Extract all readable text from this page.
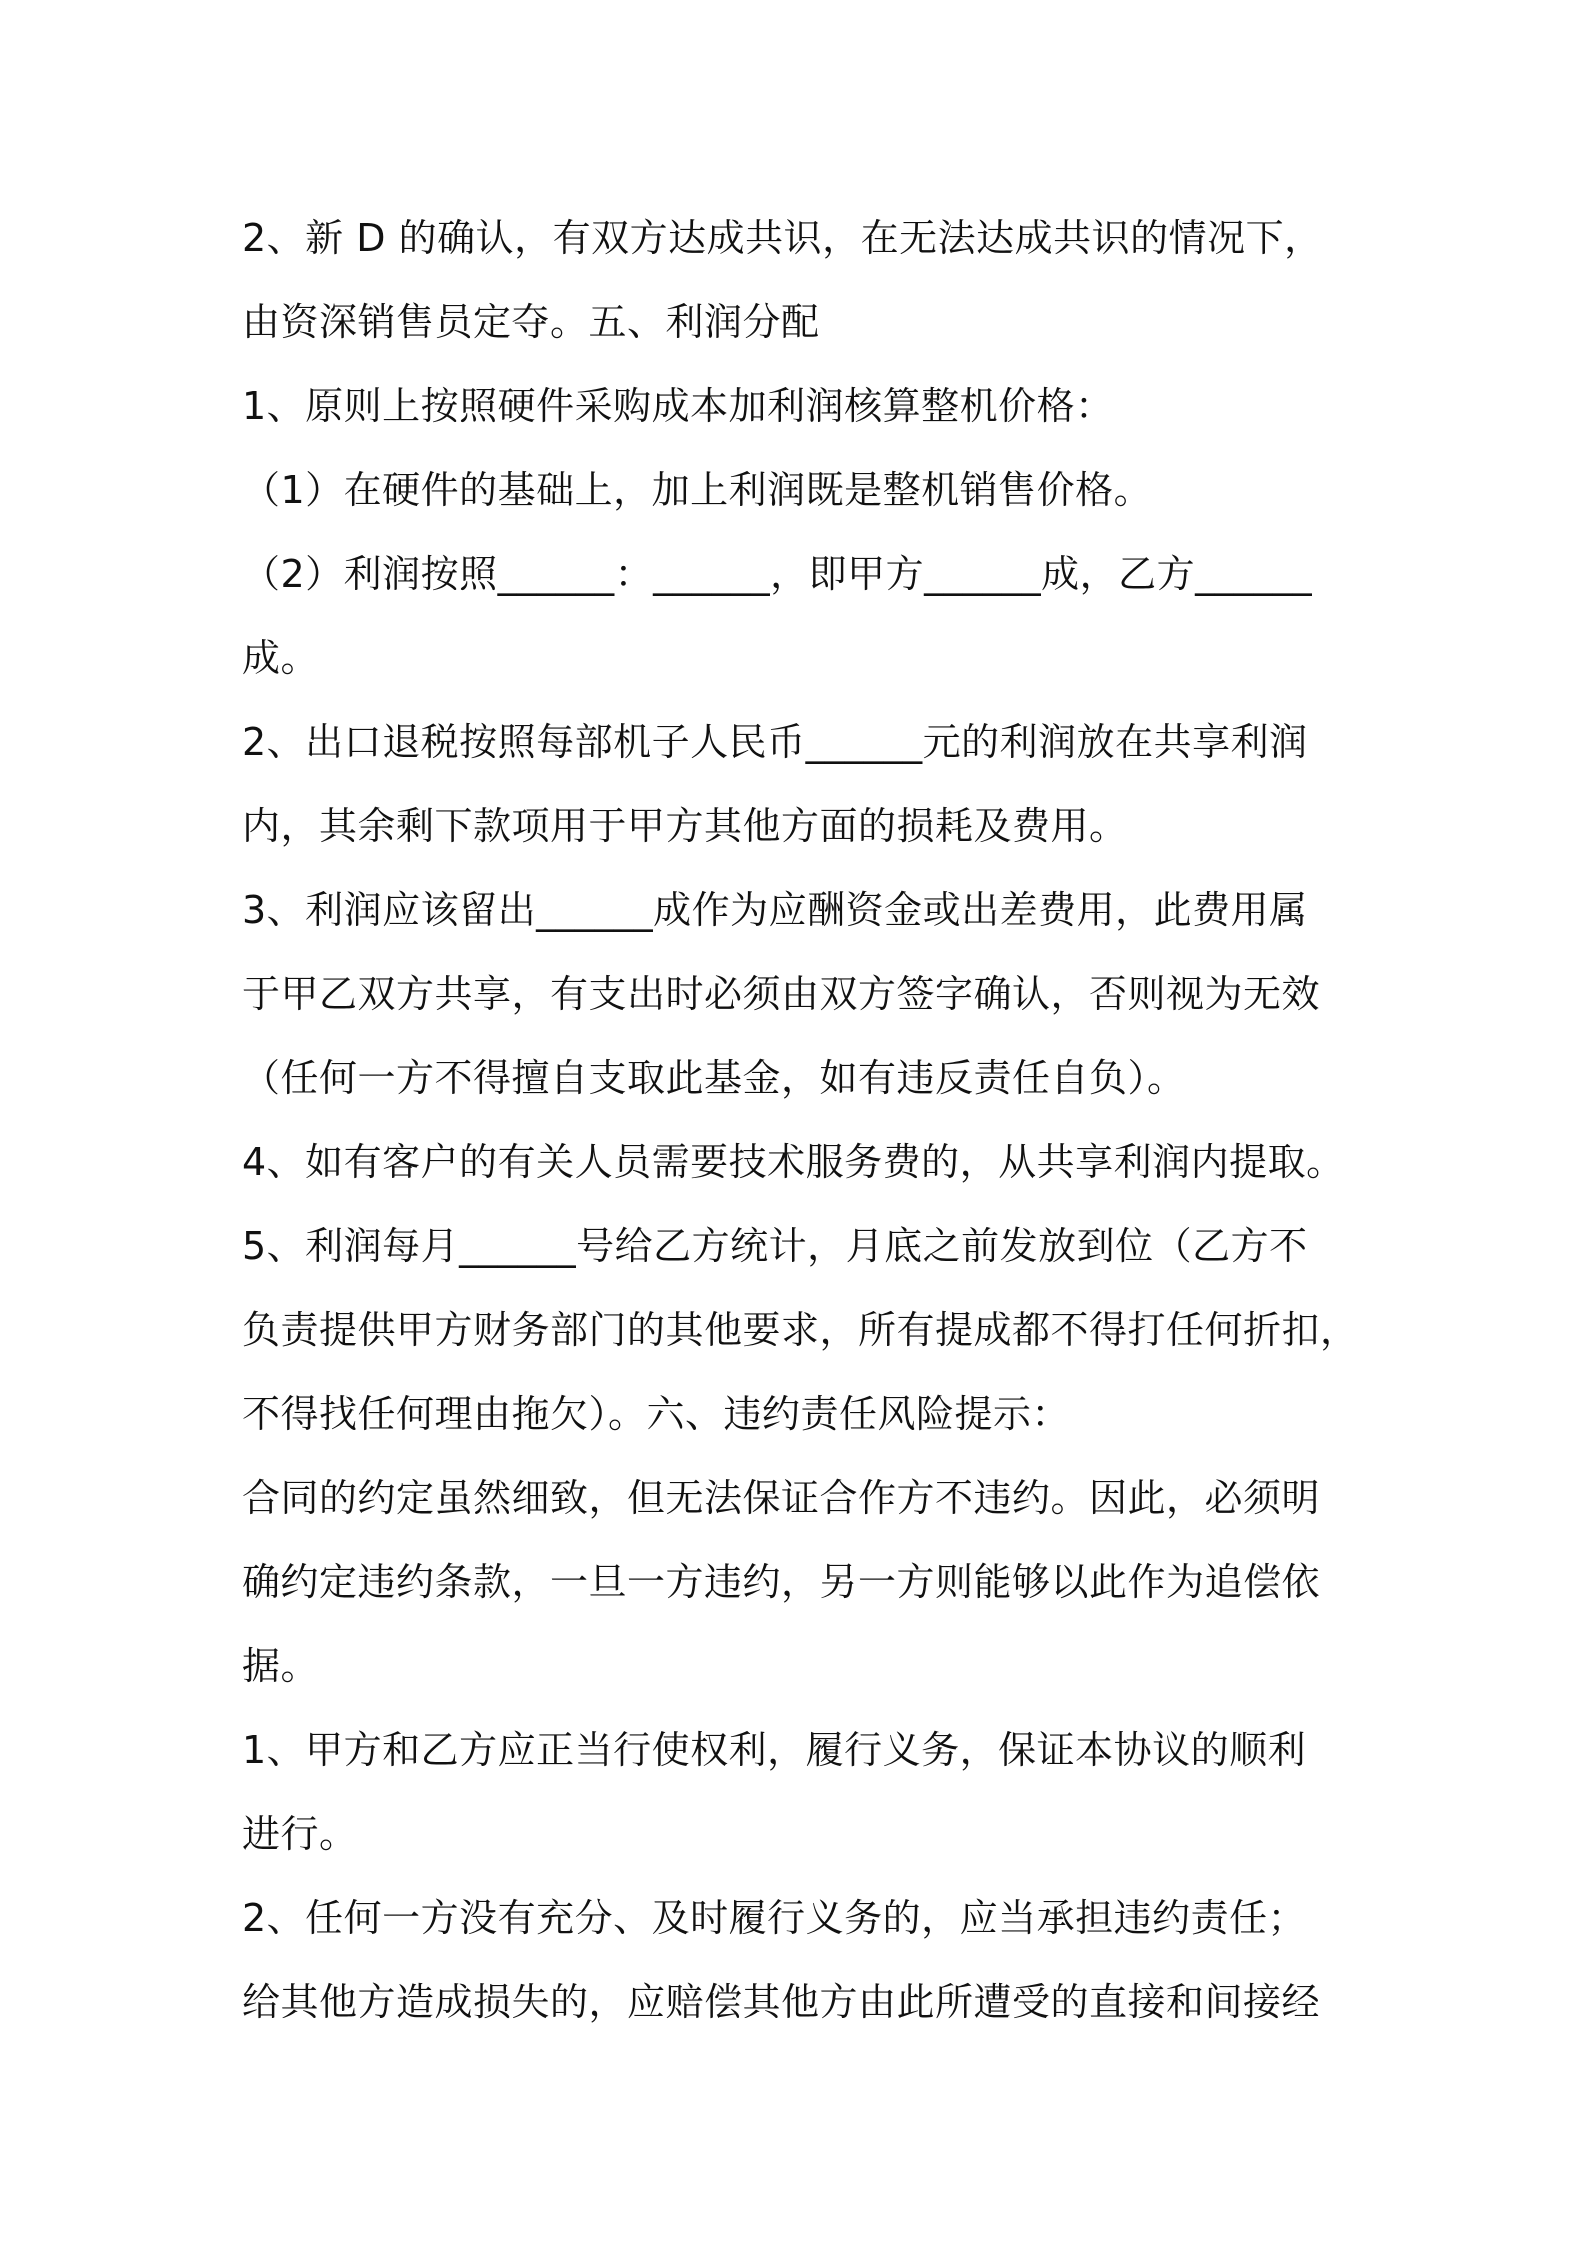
2、新 D 的确认，有双方达成共识，在无法达成共识的情况下，
由资深销售员定夺。五、利润分配
1、原则上按照硬件采购成本加利润核算整机价格：
（1）在硬件的基础上，加上利润既是整机销售价格。
（2）利润按照______：______，即甲方______成，乙方______
成。
2、出口退税按照每部机子人民币______元的利润放在共享利润
内，其余剩下款项用于甲方其他方面的损耗及费用。
3、利润应该留出______成作为应酬资金或出差费用，此费用属
于甲乙双方共享，有支出时必须由双方签字确认，否则视为无效
（任何一方不得擅自支取此基金，如有违反责任自负）。
4、如有客户的有关人员需要技术服务费的，从共享利润内提取。
5、利润每月______号给乙方统计，月底之前发放到位（乙方不
负责提供甲方财务部门的其他要求，所有提成都不得打任何折扣，
不得找任何理由拖欠）。六、违约责任风险提示：
合同的约定虽然细致，但无法保证合作方不违约。因此，必须明
确约定违约条款，一旦一方违约，另一方则能够以此作为追偿依
据。
1、甲方和乙方应正当行使权利，履行义务，保证本协议的顺利
进行。
2、任何一方没有充分、及时履行义务的，应当承担违约责任；
给其他方造成损失的，应赔偿其他方由此所遭受的直接和间接经
